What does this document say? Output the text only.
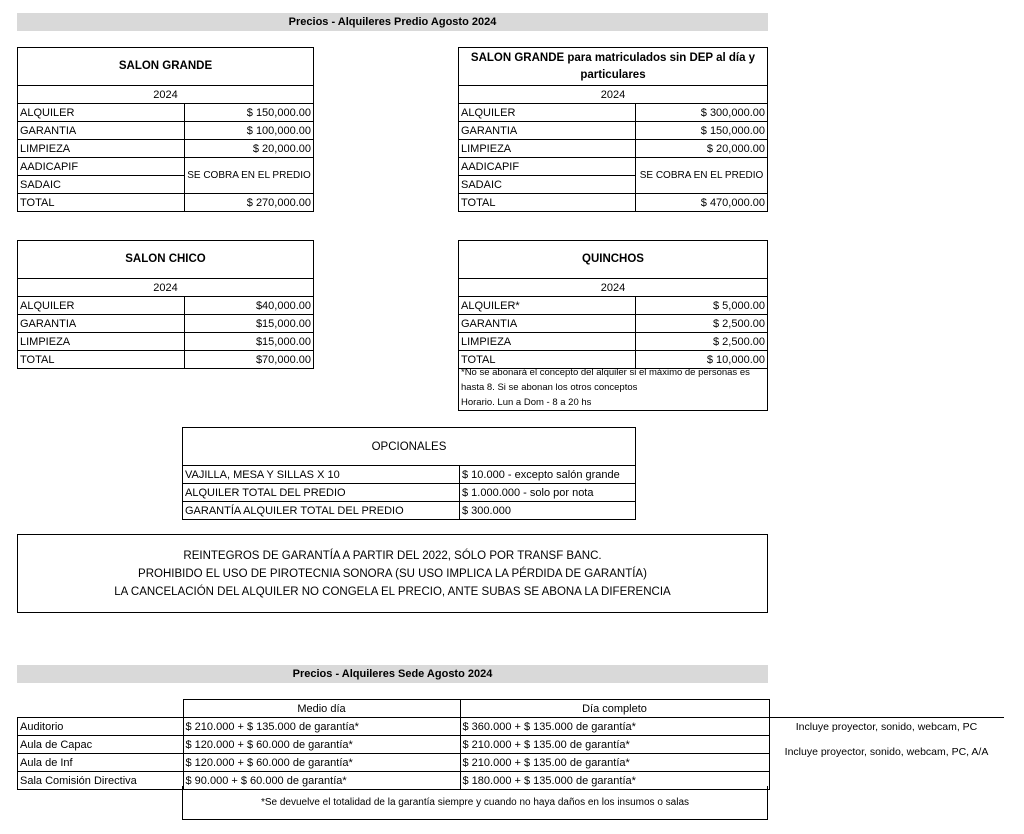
Precios - Alquileres Predio Agosto 2024
SALON GRANDE
2024	
ALQUILER	$ 150,000.00
GARANTIA	$ 100,000.00
LIMPIEZA	$ 20,000.00
AADICAPIF	SE COBRA EN EL PREDIO
SADAIC	
TOTAL	$ 270,000.00
SALON GRANDE para matriculados sin DEP al día y particulares
2024	
ALQUILER	$ 300,000.00
GARANTIA	$ 150,000.00
LIMPIEZA	$ 20,000.00
AADICAPIF	SE COBRA EN EL PREDIO
SADAIC	
TOTAL	$ 470,000.00
SALON CHICO
2024	
ALQUILER	$40,000.00
GARANTIA	$15,000.00
LIMPIEZA	$15,000.00
TOTAL	$70,000.00
QUINCHOS
2024	
ALQUILER*	$ 5,000.00
GARANTIA	$ 2,500.00
LIMPIEZA	$ 2,500.00
TOTAL	$ 10,000.00
*No se abonará el concepto del alquiler si el máximo de personas es
hasta 8. Si se abonan los otros conceptos
Horario. Lun a Dom - 8 a 20 hs
OPCIONALES
VAJILLA, MESA Y SILLAS X 10	$ 10.000 - excepto salón grande
ALQUILER TOTAL DEL PREDIO	$ 1.000.000 - solo por nota
GARANTÍA ALQUILER TOTAL DEL PREDIO	$ 300.000
REINTEGROS DE GARANTÍA A PARTIR DEL 2022, SÓLO POR TRANSF BANC.
PROHIBIDO EL USO DE PIROTECNIA SONORA (SU USO IMPLICA LA PÉRDIDA DE GARANTÍA)
LA CANCELACIÓN DEL ALQUILER NO CONGELA EL PRECIO, ANTE SUBAS SE ABONA LA DIFERENCIA
Precios - Alquileres Sede Agosto 2024
	Medio día	Día completo	
Auditorio	$ 210.000 + $ 135.000 de garantía*	$ 360.000 + $ 135.000 de garantía*	Incluye proyector, sonido, webcam, PC
Aula de Capac	$ 120.000 + $ 60.000 de garantía*	$ 210.000 + $ 135.00 de garantía*	Incluye proyector, sonido, webcam, PC, A/A
Aula de Inf	$ 120.000 + $ 60.000 de garantía*	$ 210.000 + $ 135.00 de garantía*	
Sala Comisión Directiva	$ 90.000 + $ 60.000 de garantía*	$ 180.000 + $ 135.000 de garantía*	
*Se devuelve el totalidad de la garantía siempre y cuando no haya daños en los insumos o salas
